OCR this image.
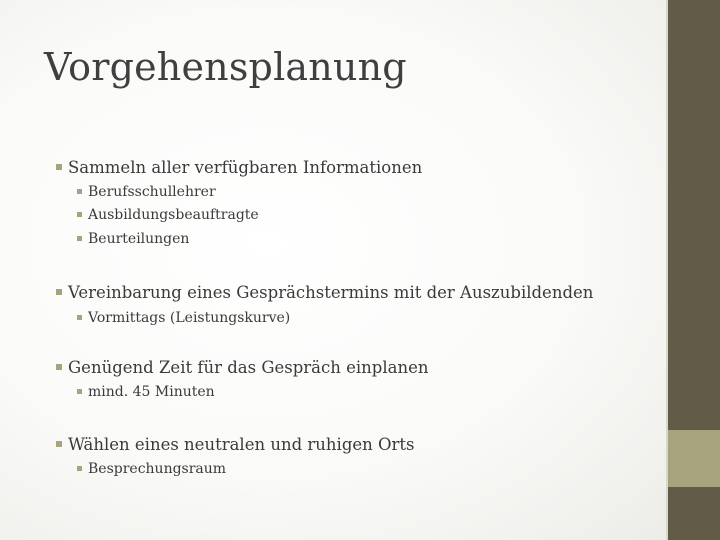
Vorgehensplanung
Sammeln aller verfügbaren Informationen
Berufsschullehrer
Ausbildungsbeauftragte
Beurteilungen
Vereinbarung eines Gesprächstermins mit der Auszubildenden
Vormittags (Leistungskurve)
Genügend Zeit für das Gespräch einplanen
mind. 45 Minuten
Wählen eines neutralen und ruhigen Orts
Besprechungsraum
